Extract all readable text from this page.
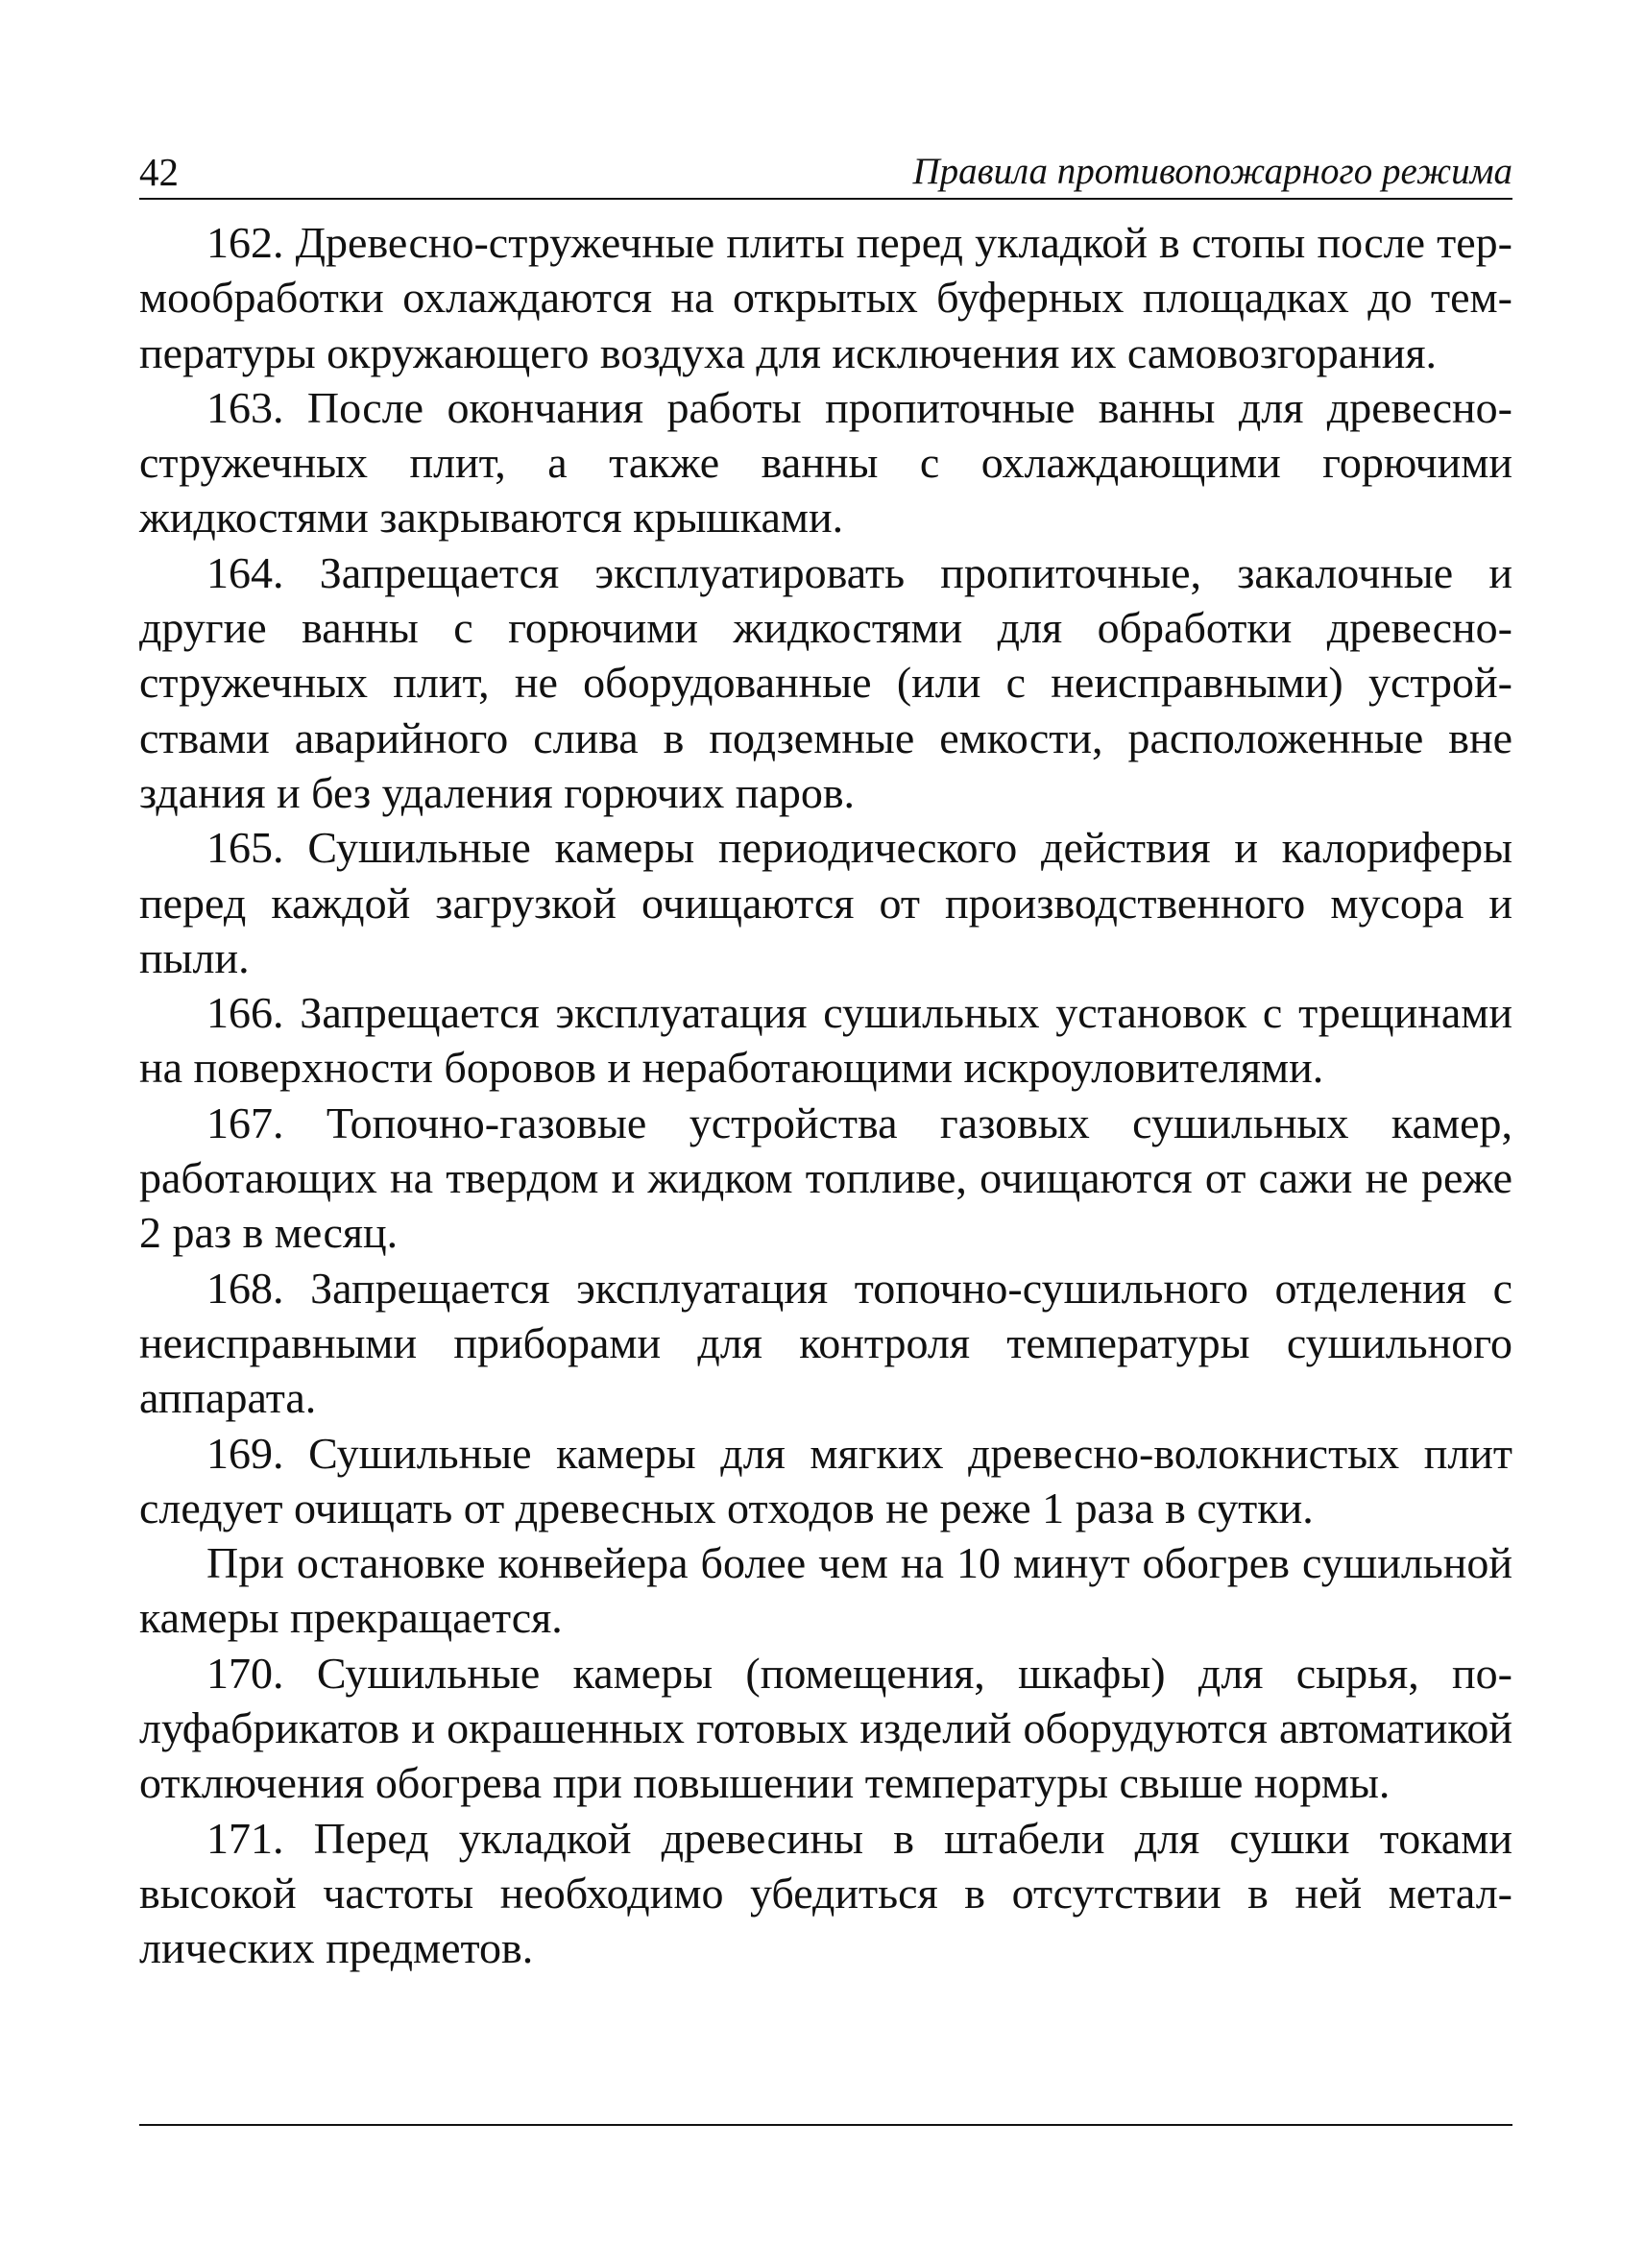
42	Правила противопожарного режима

162. Древесно-стружечные плиты перед укладкой в стопы после термообработки охлаждаются на открытых буферных площадках до температуры окружающего воздуха для исключения их самовозгорания.

163. После окончания работы пропиточные ванны для древесно-стружечных плит, а также ванны с охлаждающими горючими жидкостями закрываются крышками.

164. Запрещается эксплуатировать пропиточные, закалочные и другие ванны с горючими жидкостями для обработки древесностружечных плит, не оборудованные (или с неисправными) устройствами аварийного слива в подземные емкости, расположенные вне здания и без удаления горючих паров.

165. Сушильные камеры периодического действия и калориферы перед каждой загрузкой очищаются от производственного мусора и пыли.

166. Запрещается эксплуатация сушильных установок с трещинами на поверхности боровов и неработающими искроуловителями.

167. Топочно-газовые устройства газовых сушильных камер, работающих на твердом и жидком топливе, очищаются от сажи не реже 2 раз в месяц.

168. Запрещается эксплуатация топочно-сушильного отделения с неисправными приборами для контроля температуры сушильного аппарата.

169. Сушильные камеры для мягких древесно-волокнистых плит следует очищать от древесных отходов не реже 1 раза в сутки.

При остановке конвейера более чем на 10 минут обогрев сушильной камеры прекращается.

170. Сушильные камеры (помещения, шкафы) для сырья, полуфабрикатов и окрашенных готовых изделий оборудуются автоматикой отключения обогрева при повышении температуры свыше нормы.

171. Перед укладкой древесины в штабели для сушки токами высокой частоты необходимо убедиться в отсутствии в ней металлических предметов.
